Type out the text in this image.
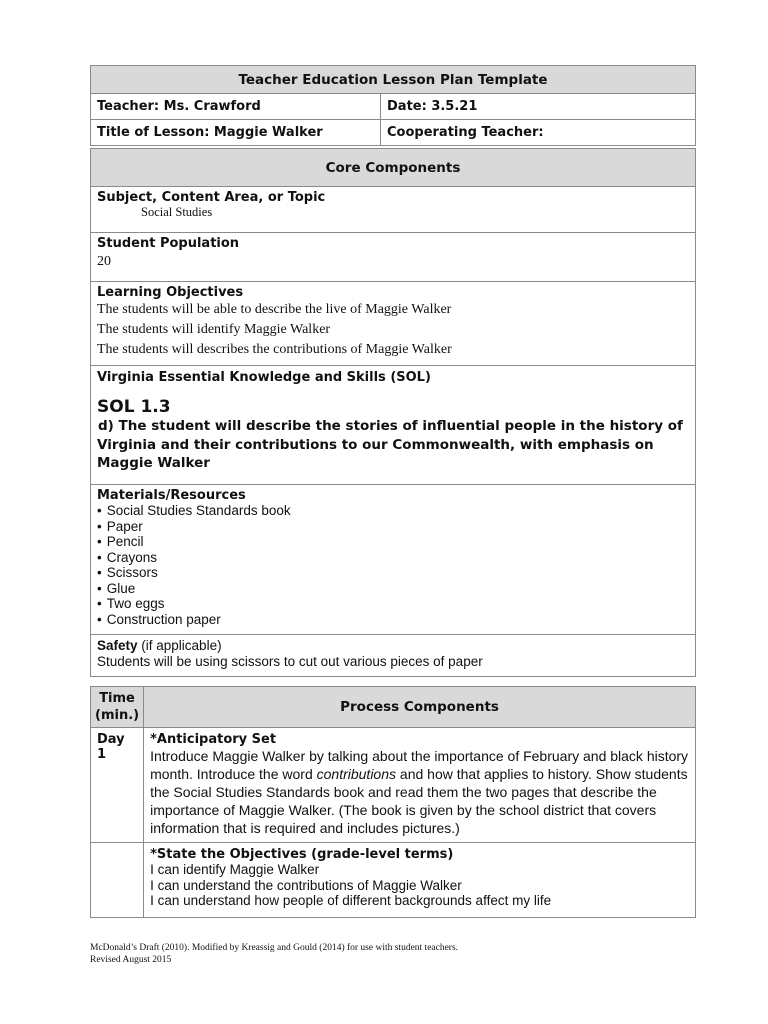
Teacher Education Lesson Plan Template	
Teacher: Ms. Crawford	Date: 3.5.21
Title of Lesson: Maggie Walker	Cooperating Teacher:
Core Components

Subject, Content Area, or Topic
Social Studies

Student Population
20

Learning Objectives
The students will be able to describe the live of Maggie Walker
The students will identify Maggie Walker
The students will describes the contributions of Maggie Walker

Virginia Essential Knowledge and Skills (SOL)
SOL 1.3
d) The student will describe the stories of influential people in the history of Virginia and their contributions to our Commonwealth, with emphasis on Maggie Walker

Materials/Resources
• Social Studies Standards book
• Paper
• Pencil
• Crayons
• Scissors
• Glue
• Two eggs
• Construction paper

Safety (if applicable)
Students will be using scissors to cut out various pieces of paper
Time
(min.)	Process Components
Day 1	*Anticipatory Set
Introduce Maggie Walker by talking about the importance of February and black history month. Introduce the word contributions and how that applies to history. Show students the Social Studies Standards book and read them the two pages that describe the importance of Maggie Walker. (The book is given by the school district that covers information that is required and includes pictures.)

	*State the Objectives (grade-level terms)
I can identify Maggie Walker
I can understand the contributions of Maggie Walker
I can understand how people of different backgrounds affect my life
McDonald’s Draft (2010). Modified by Kreassig and Gould (2014) for use with student teachers.
Revised August 2015
